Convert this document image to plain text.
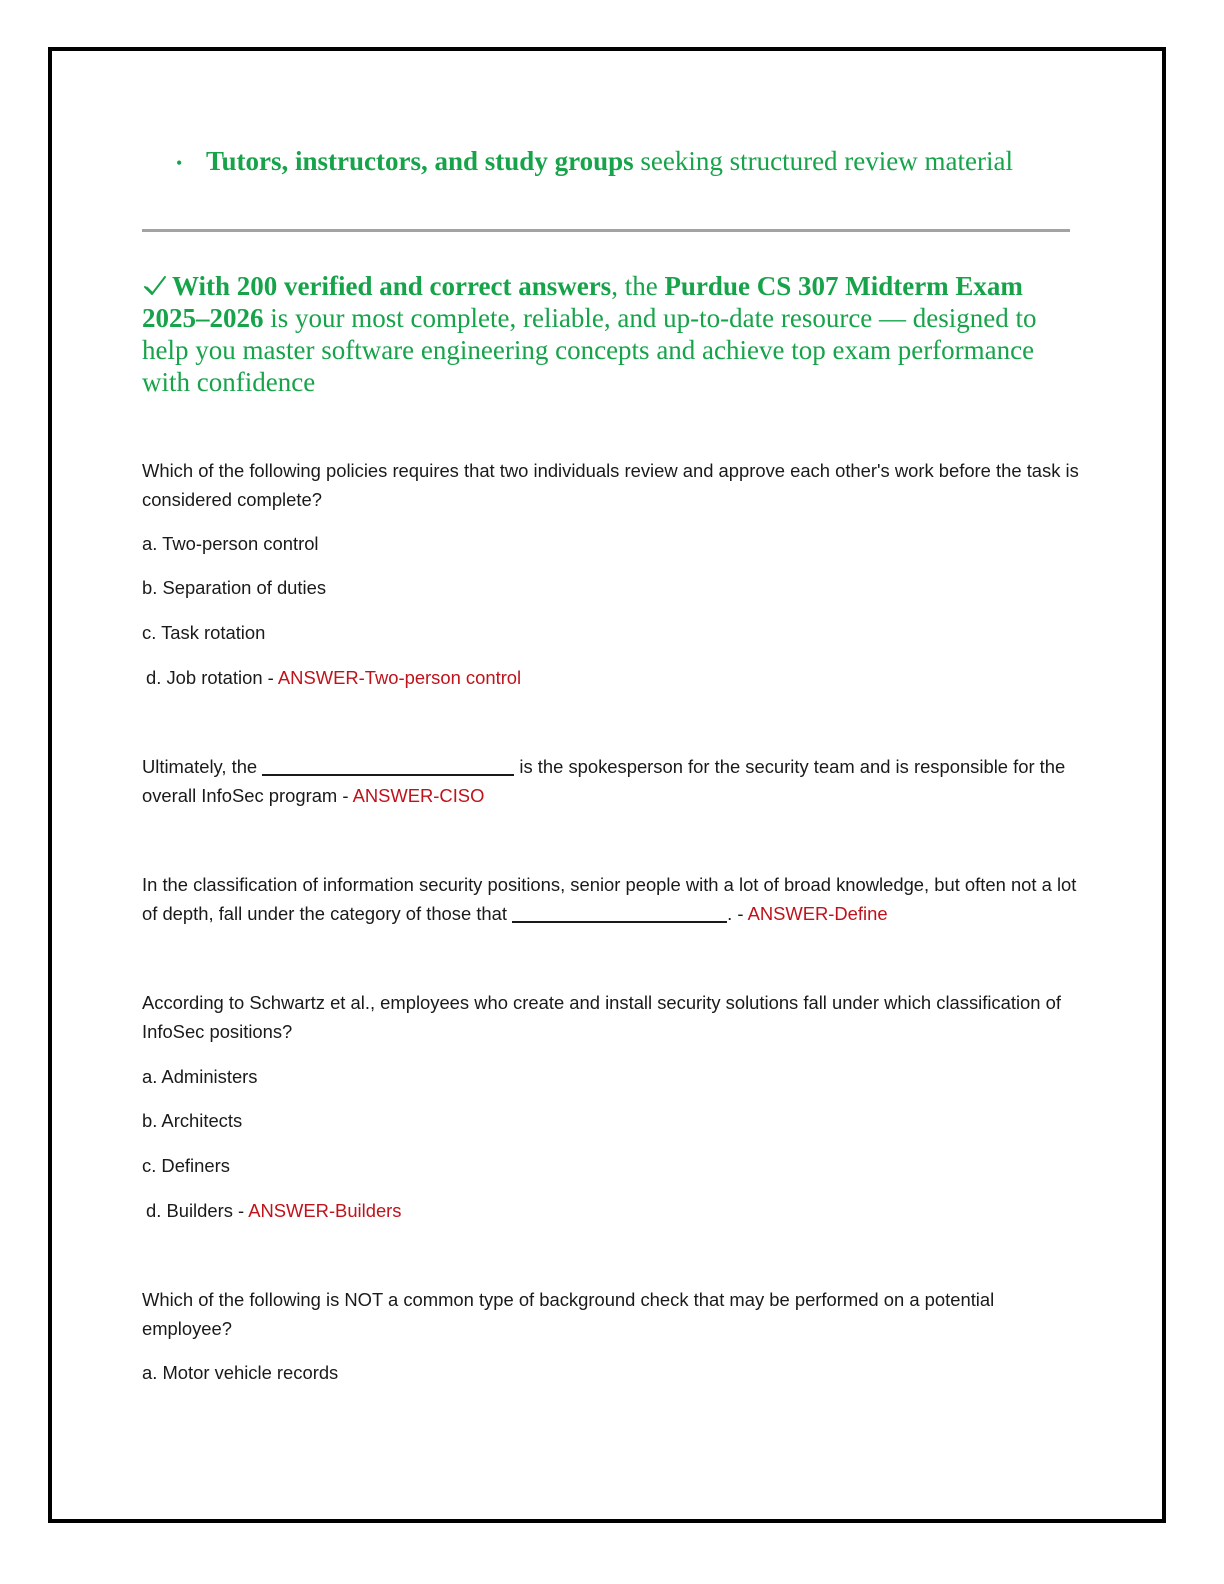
• Tutors, instructors, and study groups seeking structured review material
With 200 verified and correct answers, the Purdue CS 307 Midterm Exam 2025–2026 is your most complete, reliable, and up-to-date resource — designed to help you master software engineering concepts and achieve top exam performance with confidence
Which of the following policies requires that two individuals review and approve each other's work before the task is considered complete?
a. Two-person control
b. Separation of duties
c. Task rotation
d. Job rotation - ANSWER-Two-person control
Ultimately, the	is the spokesperson for the security team and is responsible for the overall InfoSec program - ANSWER-CISO
In the classification of information security positions, senior people with a lot of broad knowledge, but often not a lot of depth, fall under the category of those that	. - ANSWER-Define
According to Schwartz et al., employees who create and install security solutions fall under which classification of InfoSec positions?
a. Administers
b. Architects
c. Definers
d. Builders - ANSWER-Builders
Which of the following is NOT a common type of background check that may be performed on a potential employee?
a. Motor vehicle records
